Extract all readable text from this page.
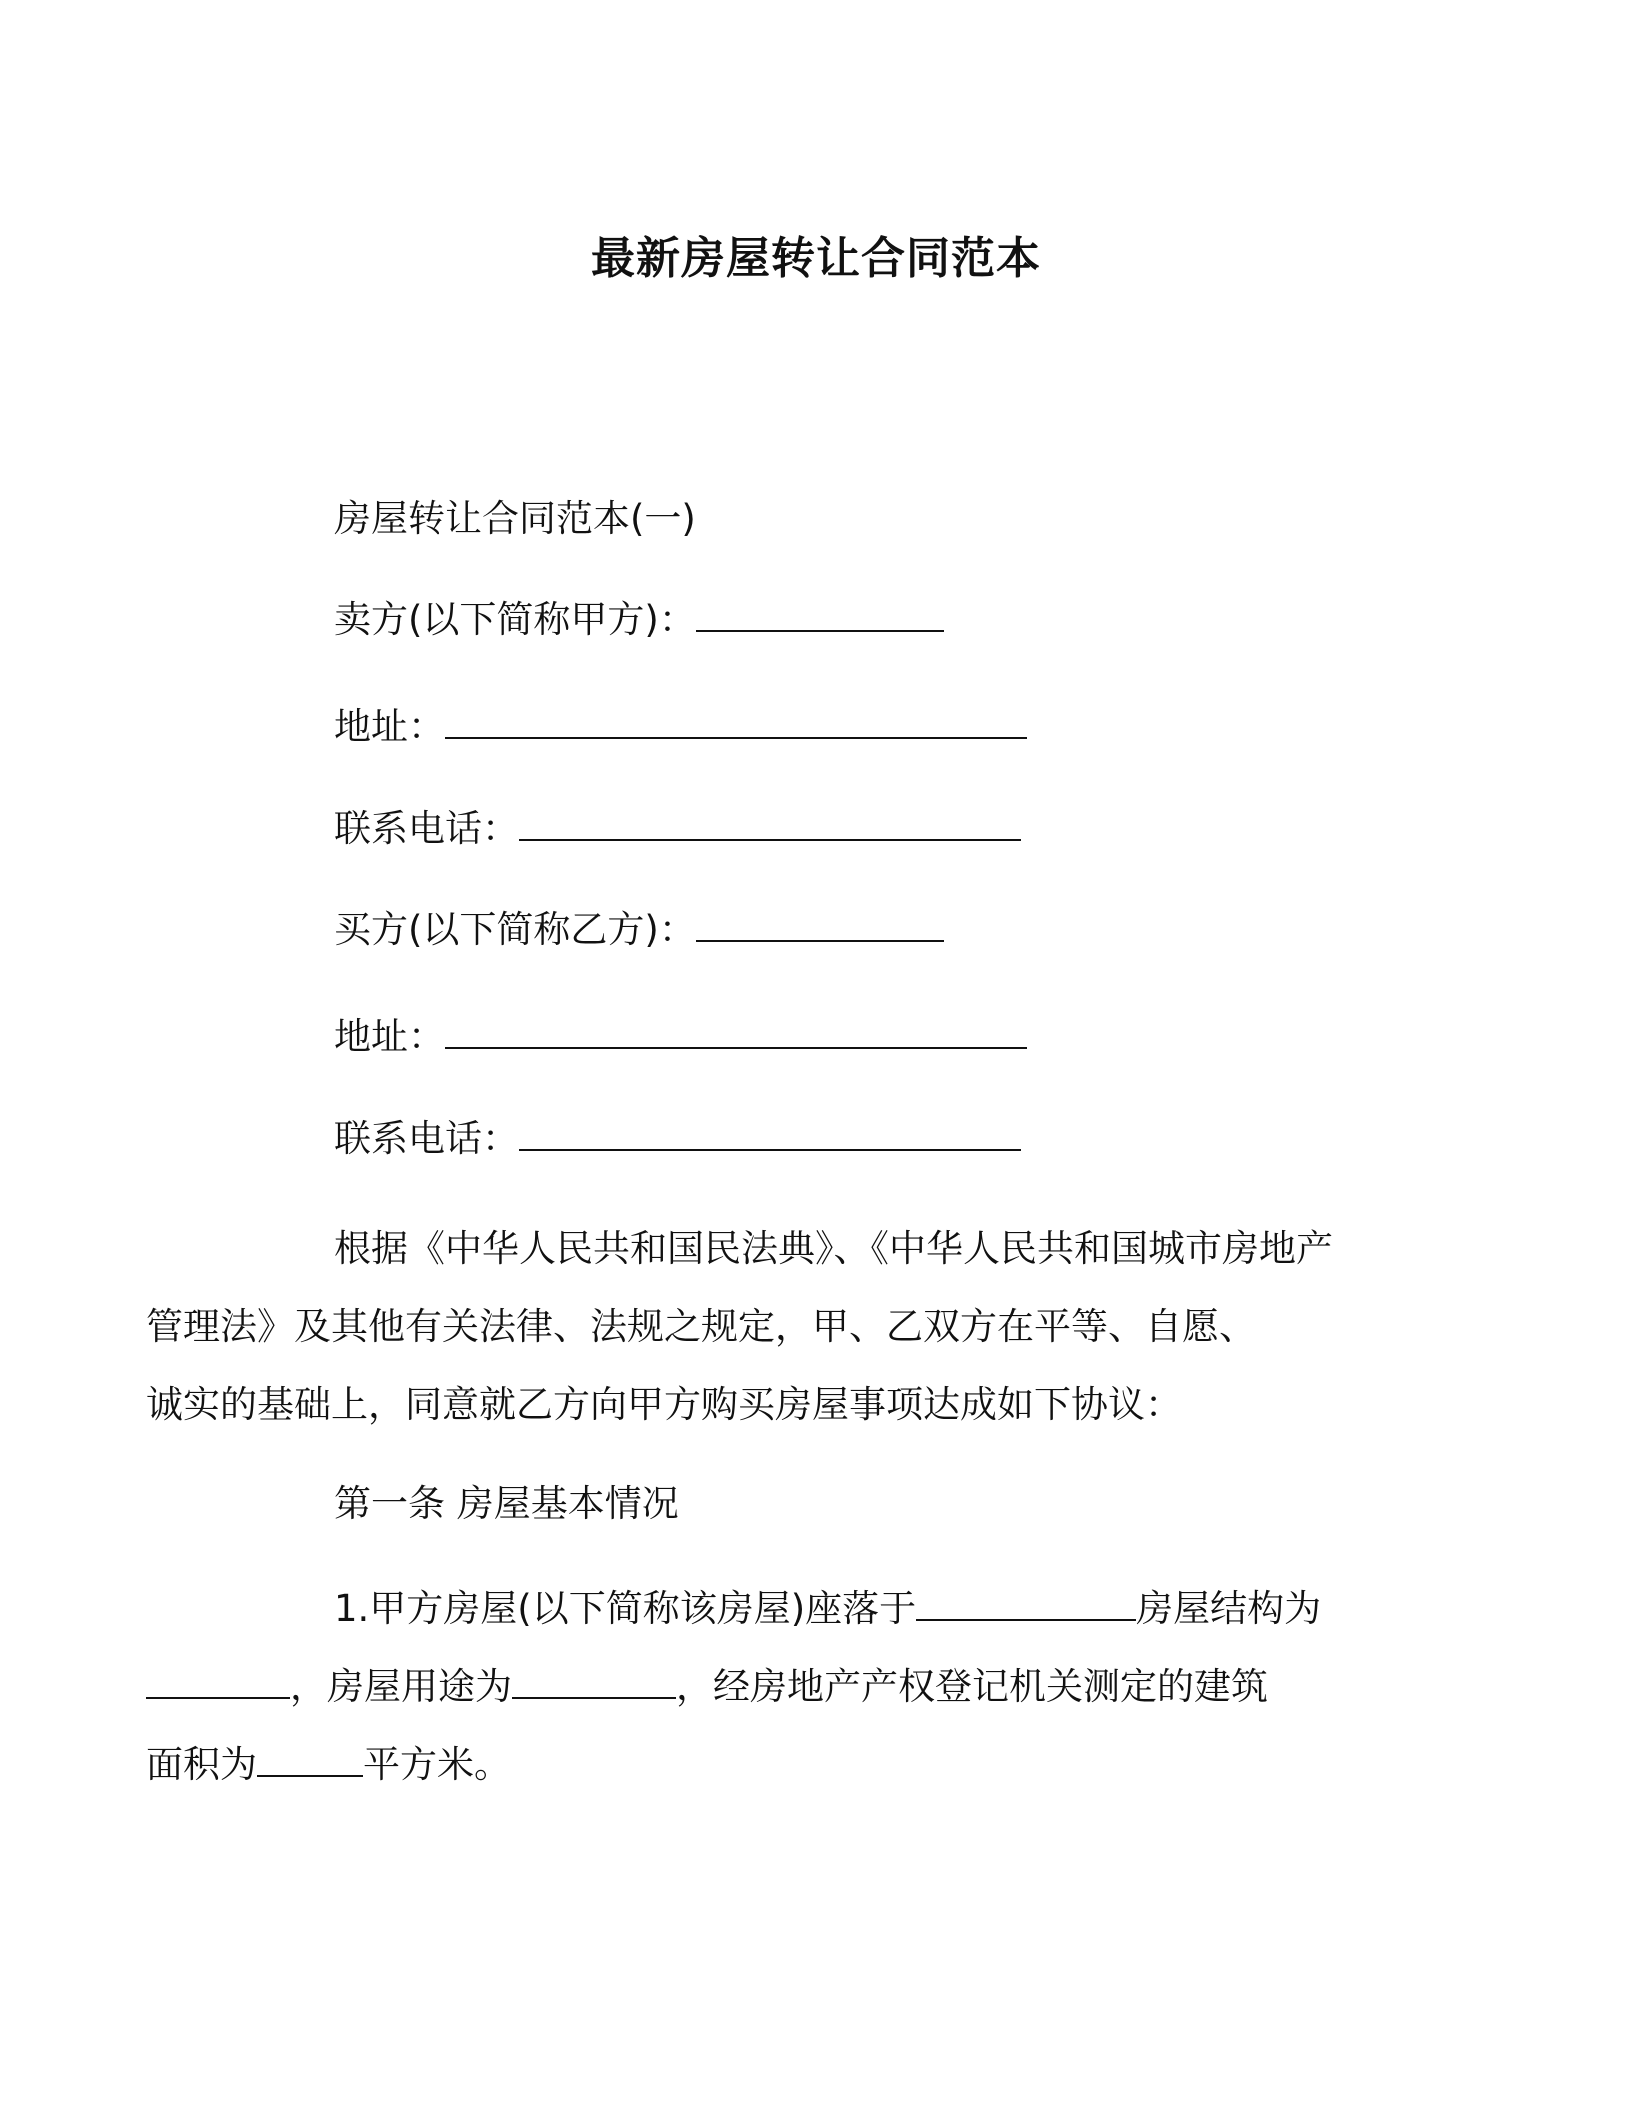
最新房屋转让合同范本
房屋转让合同范本(一)
卖方(以下简称甲方)：
地址：
联系电话：
买方(以下简称乙方)：
地址：
联系电话：
根据《中华人民共和国民法典》、《中华人民共和国城市房地产
管理法》及其他有关法律、法规之规定，甲、乙双方在平等、自愿、
诚实的基础上，同意就乙方向甲方购买房屋事项达成如下协议：
第一条 房屋基本情况
1.甲方房屋(以下简称该房屋)座落于	房屋结构为
，房屋用途为	，经房地产产权登记机关测定的建筑
面积为	平方米。
